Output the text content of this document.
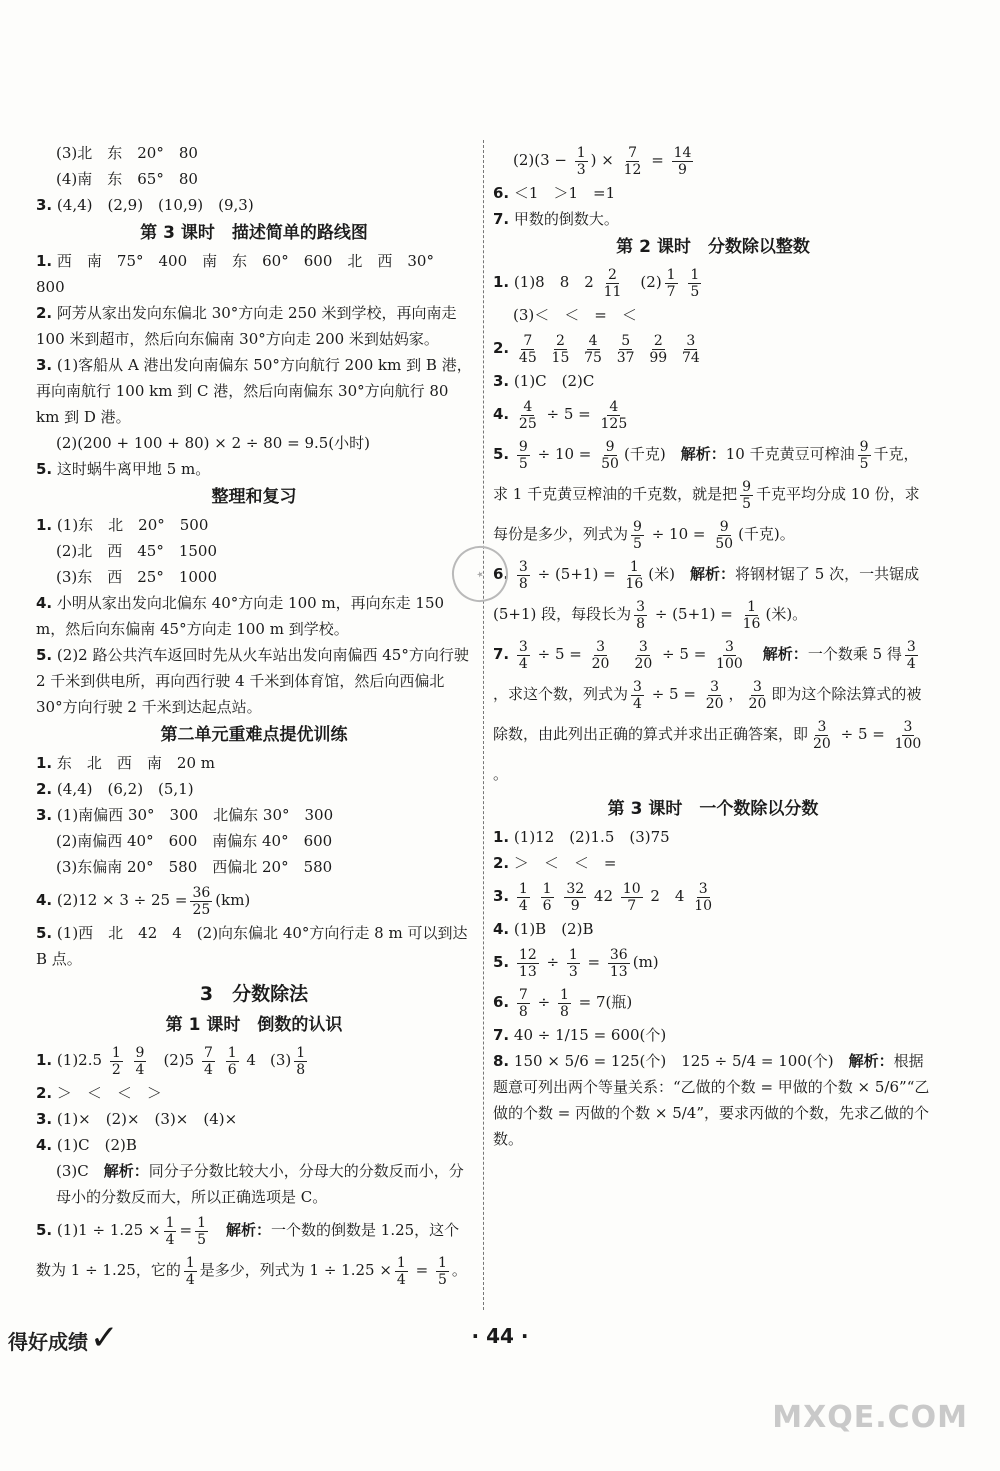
(3)北　东　20°　80
(4)南　东　65°　80
3. (4,4)　(2,9)　(10,9)　(9,3)
第 3 课时　描述简单的路线图
1. 西　南　75°　400　南　东　60°　600　北　西　30°
800
2. 阿芳从家出发向东偏北 30°方向走 250 米到学校，再向南走 100 米到超市，然后向东偏南 30°方向走 200 米到姑妈家。
3. (1)客船从 A 港出发向南偏东 50°方向航行 200 km 到 B 港，再向南航行 100 km 到 C 港，然后向南偏东 30°方向航行 80 km 到 D 港。
(2)(200 + 100 + 80) × 2 ÷ 80 = 9.5(小时)
5. 这时蜗牛离甲地 5 m。
整理和复习
1. (1)东　北　20°　500
(2)北　西　45°　1500
(3)东　西　25°　1000
4. 小明从家出发向北偏东 40°方向走 100 m，再向东走 150 m，然后向东偏南 45°方向走 100 m 到学校。
5. (2)2 路公共汽车返回时先从火车站出发向南偏西 45°方向行驶 2 千米到供电所，再向西行驶 4 千米到体育馆，然后向西偏北 30°方向行驶 2 千米到达起点站。
第二单元重难点提优训练
1. 东　北　西　南　20 m
2. (4,4)　(6,2)　(5,1)
3. (1)南偏西 30°　300　北偏东 30°　300
(2)南偏西 40°　600　南偏东 40°　600
(3)东偏南 20°　580　西偏北 20°　580
4. $(2)12 \times 3 \div 25 = \frac{36}{25} (km)$
5. (1)西　北　42　4　(2)向东偏北 40°方向行走 8 m 可以到达 B 点。
3　分数除法
第 1 课时　倒数的认识
1. $(1)2.5 \frac{1}{2}$
$\frac{9}{4} (2)5 \frac{7}{4}$
$\frac{1}{6} 4$ $(3) \frac{1}{8}$
2. ＞　＜　＜　＞
3. (1)×　(2)×　(3)×　(4)×
4. (1)C　(2)B
(3)C　 解析：同分子分数比较大小，分母大的分数反而小，分母小的分数反而大，所以正确选项是 C。
5. $(1)1 \div 1.25 \times \frac{1}{4} = \frac{1}{5}$
　 解析：一个数的倒数是 1.25，这个数为 1 ÷ 1.25，它的 $\frac{1}{4}$ 是多少，列式为 $1 \div 1.25 \times \frac{1}{4} = \frac{1}{5}$ 。
$(2)(3 - \frac{1}{3}$ ) × $\frac{7}{12} = \frac{14}{9}$
6. ＜1　＞1　=1
7. 甲数的倒数大。
第 2 课时　分数除以整数
1. (1)8　8　$2 \frac{2}{11} (2) \frac{1}{7}$
$\frac{1}{5}$
(3)＜　＜　=　＜
2. $\frac{7}{45}$
$\frac{2}{15}$
$\frac{4}{75}$
$\frac{5}{37}$
$\frac{2}{99}$
$\frac{3}{74}$
3. (1)C　(2)C
4. $\frac{4}{25} \div 5 = \frac{4}{125}$
5. $\frac{9}{5} \div 10 = \frac{9}{50}$ (千克)　 解析：10 千克黄豆可榨油 $\frac{9}{5}$ 千克，求 1 千克黄豆榨油的千克数，就是把 $\frac{9}{5}$ 千克平均分成 10 份，求每份是多少，列式为 $\frac{9}{5} \div 10 = \frac{9}{50}$ (千克)。
6. $\frac{3}{8} \div (5+1) = \frac{1}{16}$ (米)　 解析：将钢材锯了 5 次，一共锯成 (5+1) 段，每段长为 $\frac{3}{8} \div (5+1) = \frac{1}{16}$ (米)。
7. $\frac{3}{4} \div 5 = \frac{3}{20}$
　 $\frac{3}{20} \div 5 = \frac{3}{100}$
　 解析：一个数乘 5 得 $\frac{3}{4}$
，求这个数，列式为 $\frac{3}{4} \div 5 = \frac{3}{20}$ ， $\frac{3}{20}$ 即为这个除法算式的被除数，由此列出正确的算式并求出正确答案，即 $\frac{3}{20} \div 5 = \frac{3}{100}$
。
第 3 课时　一个数除以分数
1. (1)12　(2)1.5　(3)75
2. ＞　＜　＜　=
3. $\frac{1}{4}$
$\frac{1}{6}$
$\frac{32}{9} 42 \frac{10}{7} 2$　$4 \frac{3}{10}$
4. (1)B　(2)B
5. $\frac{12}{13} \div \frac{1}{3} = \frac{36}{13} (m)$
6. $\frac{7}{8} \div \frac{1}{8} = 7$(瓶)
7. 40 ÷ 1/15 = 600(个)
8. 150 × 5/6 = 125(个)　125 ÷ 5/4 = 100(个)　 解析：根据题意可列出两个等量关系：“乙做的个数 = 甲做的个数 × 5/6”“乙做的个数 = 丙做的个数 × 5/4”，要求丙做的个数，先求乙做的个数。
★
得好成绩✓	· 44 ·
MXQE.COM
